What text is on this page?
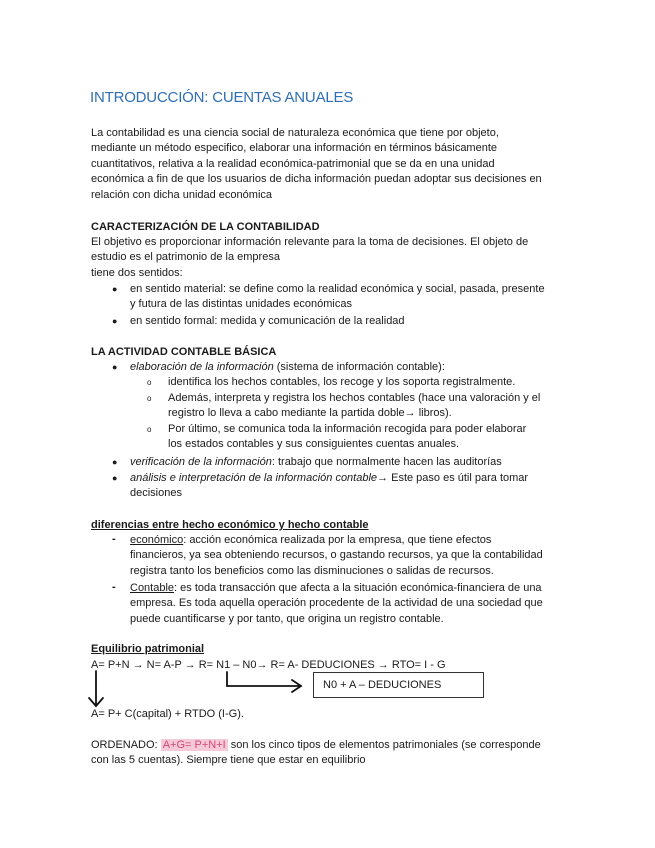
INTRODUCCIÓN: CUENTAS ANUALES
La contabilidad es una ciencia social de naturaleza económica que tiene por objeto,
mediante un método especifico, elaborar una información en términos básicamente
cuantitativos, relativa a la realidad económica-patrimonial que se da en una unidad
económica a fin de que los usuarios de dicha información puedan adoptar sus decisiones en
relación con dicha unidad económica
CARACTERIZACIÓN DE LA CONTABILIDAD
El objetivo es proporcionar información relevante para la toma de decisiones. El objeto de
estudio es el patrimonio de la empresa
tiene dos sentidos:
● en sentido material: se define como la realidad económica y social, pasada, presente
y futura de las distintas unidades económicas
● en sentido formal: medida y comunicación de la realidad
LA ACTIVIDAD CONTABLE BÁSICA
● elaboración de la información (sistema de información contable):
o identifica los hechos contables, los recoge y los soporta registralmente.
o Además, interpreta y registra los hechos contables (hace una valoración y el
registro lo lleva a cabo mediante la partida doble→ libros).
o Por último, se comunica toda la información recogida para poder elaborar
los estados contables y sus consiguientes cuentas anuales.
● verificación de la información: trabajo que normalmente hacen las auditorías
● análisis e interpretación de la información contable→ Este paso es útil para tomar
decisiones
diferencias entre hecho económico y hecho contable
- económico: acción económica realizada por la empresa, que tiene efectos
financieros, ya sea obteniendo recursos, o gastando recursos, ya que la contabilidad
registra tanto los beneficios como las disminuciones o salidas de recursos.
- Contable: es toda transacción que afecta a la situación económica-financiera de una
empresa. Es toda aquella operación procedente de la actividad de una sociedad que
puede cuantificarse y por tanto, que origina un registro contable.
Equilibrio patrimonial
A= P+N → N= A-P → R= N1 – N0→ R= A- DEDUCIONES → RTO= I - G
N0 + A – DEDUCIONES
A= P+ C(capital) + RTDO (I-G).
ORDENADO: A+G= P+N+I son los cinco tipos de elementos patrimoniales (se corresponde
con las 5 cuentas). Siempre tiene que estar en equilibrio
